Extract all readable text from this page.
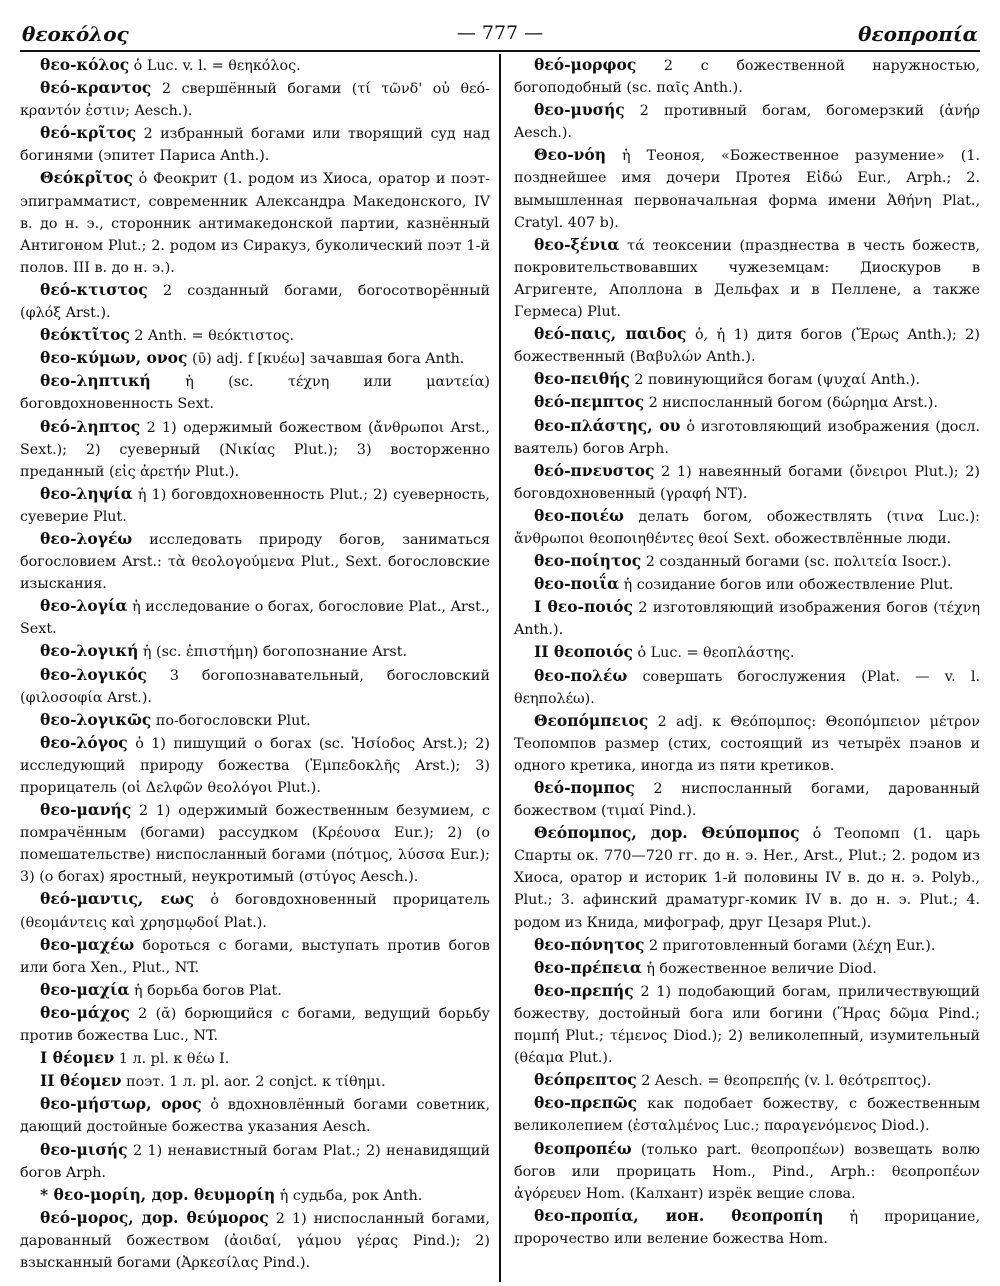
θεοκόλος	— 777 —	θεοπροπία

θεο-κόλος ὁ Luc. v. l. = θεηκόλος.

θεό-κραντος 2 свершённый богами (τί τῶνδ' οὐ θεό-κραντόν ἐστιν; Aesch.).

θεό-κρῖτος 2 избранный богами или творящий суд над богинями (эпитет Париса Anth.).

Θεόκρῖτος ὁ Феокрит (1. родом из Хиоса, оратор и поэт-эпиграмматист, современник Александра Македонского, IV в. до н. э., сторонник антимакедонской партии, казнённый Антигоном Plut.; 2. родом из Сиракуз, буколический поэт 1-й полов. III в. до н. э.).

θεό-κτιστος 2 созданный богами, богосотворённый (φλόξ Arst.).

θεόκτῖτος 2 Anth. = θεόκτιστος.

θεο-κύμων, ονος (ῡ) adj. f [κυέω] зачавшая бога Anth.

θεο-ληπτική ἡ (sc. τέχνη или μαντεία) боговдохновенность Sext.

θεό-ληπτος 2 1) одержимый божеством (ἄνθρωποι Arst., Sext.); 2) суеверный (Νικίας Plut.); 3) восторженно преданный (εἰς ἀρετήν Plut.).

θεο-ληψία ἡ 1) боговдохновенность Plut.; 2) суеверность, суеверие Plut.

θεο-λογέω исследовать природу богов, заниматься богословием Arst.: τὰ θεολογούμενα Plut., Sext. богословские изыскания.

θεο-λογία ἡ исследование о богах, богословие Plat., Arst., Sext.

θεο-λογική ἡ (sc. ἐπιστήμη) богопознание Arst.

θεο-λογικός 3 богопознавательный, богословский (φιλοσοφία Arst.).

θεο-λογικῶς по-богословски Plut.

θεο-λόγος ὁ 1) пишущий о богах (sc. Ἡσίοδος Arst.); 2) исследующий природу божества (Ἐμπεδοκλῆς Arst.); 3) прорицатель (οἱ Δελφῶν θεολόγοι Plut.).

θεο-μανής 2 1) одержимый божественным безумием, с помрачённым (богами) рассудком (Κρέουσα Eur.); 2) (о помешательстве) ниспосланный богами (πότμος, λύσσα Eur.); 3) (о богах) яростный, неукротимый (στύγος Aesch.).

θεό-μαντις, εως ὁ боговдохновенный прорицатель (θεομάντεις καὶ χρησμῳδοί Plat.).

θεο-μαχέω бороться с богами, выступать против богов или бога Xen., Plut., NT.

θεο-μαχία ἡ борьба богов Plat.

θεο-μάχος 2 (ᾰ) борющийся с богами, ведущий борьбу против божества Luc., NT.

I θέομεν 1 л. pl. к θέω I.

II θέομεν поэт. 1 л. pl. aor. 2 conjct. к τίθημι.

θεο-μήστωρ, ορος ὁ вдохновлённый богами советник, дающий достойные божества указания Aesch.

θεο-μισής 2 1) ненавистный богам Plat.; 2) ненавидящий богов Arph.

* θεο-μορίη, дор. θευμορίη ἡ судьба, рок Anth.

θεό-μορος, дор. θεύμορος 2 1) ниспосланный богами, дарованный божеством (ἀοιδαί, γάμου γέρας Pind.); 2) взысканный богами (Ἀρκεσίλας Pind.).

θεό-μορφος 2 с божественной наружностью, богоподобный (sc. παῖς Anth.).

θεο-μυσής 2 противный богам, богомерзкий (ἀνήρ Aesch.).

Θεο-νόη ἡ Теоноя, «Божественное разумение» (1. позднейшее имя дочери Протея Εἰδώ Eur., Arph.; 2. вымышленная первоначальная форма имени Ἀθήνη Plat., Cratyl. 407 b).

θεο-ξένια τά теоксении (празднества в честь божеств, покровительствовавших чужеземцам: Диоскуров в Агригенте, Аполлона в Дельфах и в Пеллене, а также Гермеса) Plut.

θεό-παις, παιδος ὁ, ἡ 1) дитя богов (Ἔρως Anth.); 2) божественный (Βαβυλών Anth.).

θεο-πειθής 2 повинующийся богам (ψυχαί Anth.).

θεό-πεμπτος 2 ниспосланный богом (δώρημα Arst.).

θεο-πλάστης, ου ὁ изготовляющий изображения (досл. ваятель) богов Arph.

θεό-πνευστος 2 1) навеянный богами (ὄνειροι Plut.); 2) боговдохновенный (γραφή NT).

θεο-ποιέω делать богом, обожествлять (τινα Luc.): ἄνθρωποι θεοποιηθέντες θεοί Sext. обожествлённые люди.

θεο-ποίητος 2 созданный богами (sc. πολιτεία Isocr.).

θεο-ποιΐα ἡ созидание богов или обожествление Plut.

I θεο-ποιός 2 изготовляющий изображения богов (τέχνη Anth.).

II θεοποιός ὁ Luc. = θεοπλάστης.

θεο-πολέω совершать богослужения (Plat. — v. l. θεηπολέω).

Θεοπόμπειος 2 adj. к Θεόπομπος: Θεοπόμπειον μέτρον Теопомпов размер (стих, состоящий из четырёх пэанов и одного кретика, иногда из пяти кретиков.

θεό-πομπος 2 ниспосланный богами, дарованный божеством (τιμαί Pind.).

Θεόπομπος, дор. Θεύπομπος ὁ Теопомп (1. царь Спарты ок. 770—720 гг. до н. э. Her., Arst., Plut.; 2. родом из Хиоса, оратор и историк 1-й половины IV в. до н. э. Polyb., Plut.; 3. афинский драматург-комик IV в. до н. э. Plut.; 4. родом из Книда, мифограф, друг Цезаря Plut.).

θεο-πόνητος 2 приготовленный богами (λέχη Eur.).

θεο-πρέπεια ἡ божественное величие Diod.

θεο-πρεπής 2 1) подобающий богам, приличествующий божеству, достойный бога или богини (Ἥρας δῶμα Pind.; πομπή Plut.; τέμενος Diod.); 2) великолепный, изумительный (θέαμα Plut.).

θεόπρεπτος 2 Aesch. = θεοπρεπής (v. l. θεότρεπτος).

θεο-πρεπῶς как подобает божеству, с божественным великолепием (ἐσταλμένος Luc.; παραγενόμενος Diod.).

θεοπροπέω (только part. θεοπροπέων) возвещать волю богов или прорицать Hom., Pind., Arph.: θεοπροπέων ἀγόρευεν Hom. (Калхант) изрёк вещие слова.

θεο-προπία, ион. θεοπροπίη ἡ прорицание, пророчество или веление божества Hom.
